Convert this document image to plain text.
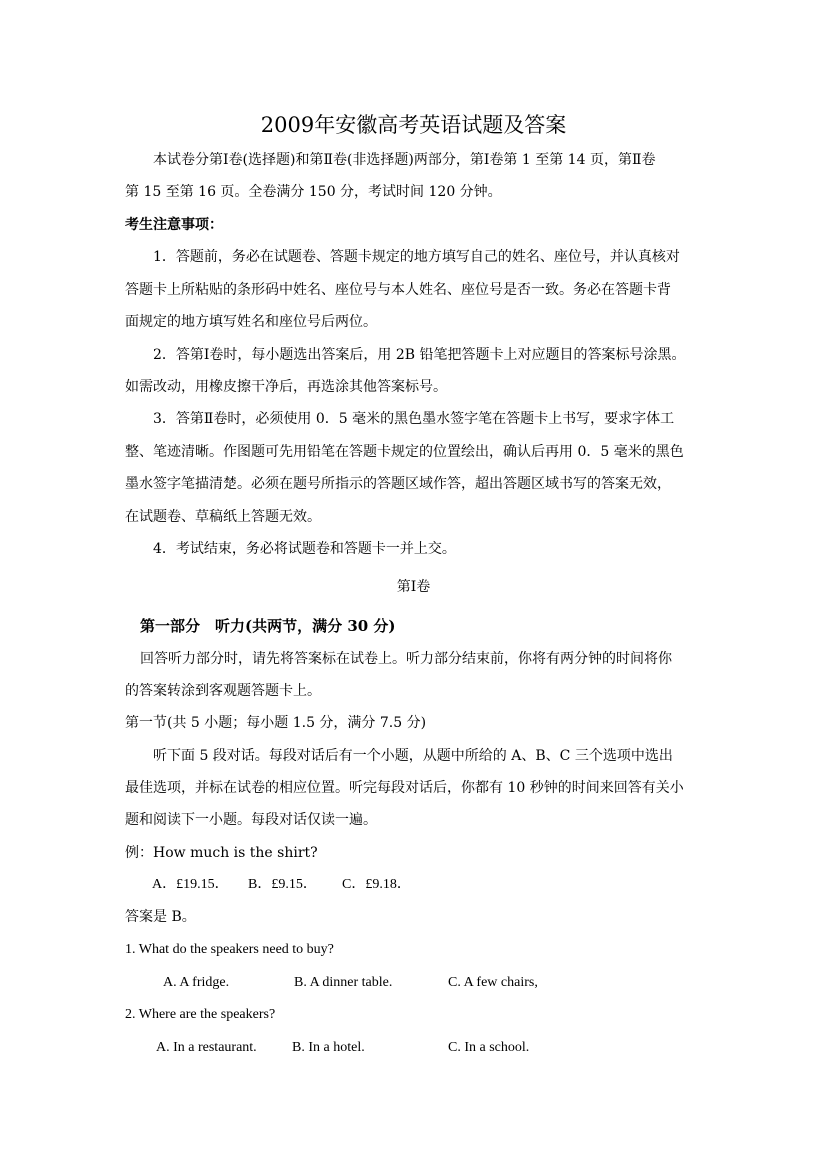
2009年安徽高考英语试题及答案
本试卷分第Ⅰ卷(选择题)和第Ⅱ卷(非选择题)两部分，第Ⅰ卷第 1 至第 14 页，第Ⅱ卷
第 15 至第 16 页。全卷满分 150 分，考试时间 120 分钟。
考生注意事项：
1．答题前，务必在试题卷、答题卡规定的地方填写自己的姓名、座位号，并认真核对
答题卡上所粘贴的条形码中姓名、座位号与本人姓名、座位号是否一致。务必在答题卡背
面规定的地方填写姓名和座位号后两位。
2．答第Ⅰ卷时，每小题选出答案后，用 2B 铅笔把答题卡上对应题目的答案标号涂黑。
如需改动，用橡皮擦干净后，再选涂其他答案标号。
3．答第Ⅱ卷时，必须使用 0．5 毫米的黑色墨水签字笔在答题卡上书写，要求字体工
整、笔迹清晰。作图题可先用铅笔在答题卡规定的位置绘出，确认后再用 0．5 毫米的黑色
墨水签字笔描清楚。必须在题号所指示的答题区域作答，超出答题区域书写的答案无效，
在试题卷、草稿纸上答题无效。
4．考试结束，务必将试题卷和答题卡一并上交。
第Ⅰ卷
第一部分　听力(共两节，满分 30 分)
回答听力部分时，请先将答案标在试卷上。听力部分结束前，你将有两分钟的时间将你
的答案转涂到客观题答题卡上。
第一节(共 5 小题；每小题 1.5 分，满分 7.5 分)
听下面 5 段对话。每段对话后有一个小题，从题中所给的 A、B、C 三个选项中选出
最佳选项，并标在试卷的相应位置。听完每段对话后，你都有 10 秒钟的时间来回答有关小
题和阅读下一小题。每段对话仅读一遍。
例：How much is the shirt?
A．£19.15． B．£9.15． C．£9.18．
答案是 B。
1. What do the speakers need to buy?
A. A fridge.	B. A dinner table.	C. A few chairs,
2. Where are the speakers?
A. In a restaurant.	B. In a hotel.	C. In a school.
